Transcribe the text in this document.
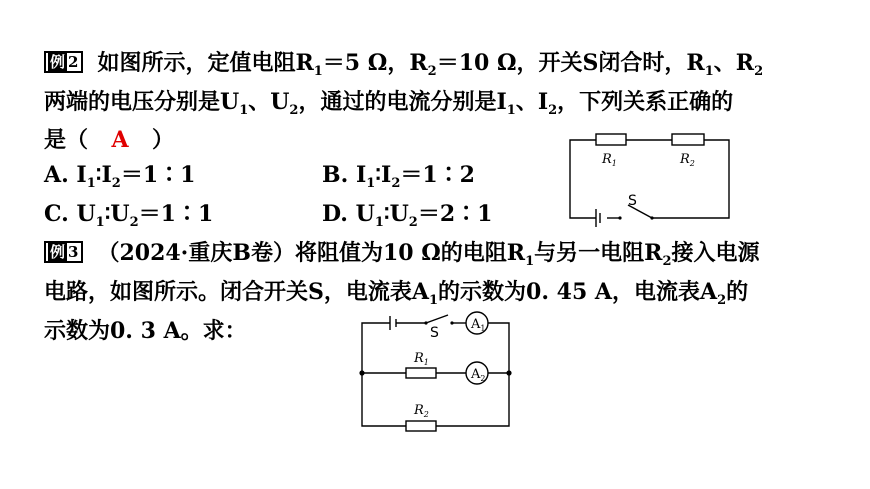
例 2 如图所示，定值电阻$R_1=5$ Ω，$R_2=10$ Ω，开关S闭合时，$R_1$、$R_2$
两端的电压分别是$U_1$、$U_2$，通过的电流分别是$I_1$、$I_2$，下列关系正确的
是（ A ）
A. $I_1∶I_2=1∶1$	B. $I_1∶I_2=1∶2$
C. $U_1∶U_2=1∶1$	D. $U_1∶U_2=2∶1$
$R_1$	$R_2$
S
例 3 （2024·重庆B卷）将阻值为10 Ω的电阻$R_1$与另一电阻$R_2$接入电源
电路，如图所示。闭合开关S，电流表$A_1$的示数为0. 45 A，电流表$A_2$的
示数为0. 3 A。求：	S
$A_1$
$A_2$
$R_1$
$R_2$
